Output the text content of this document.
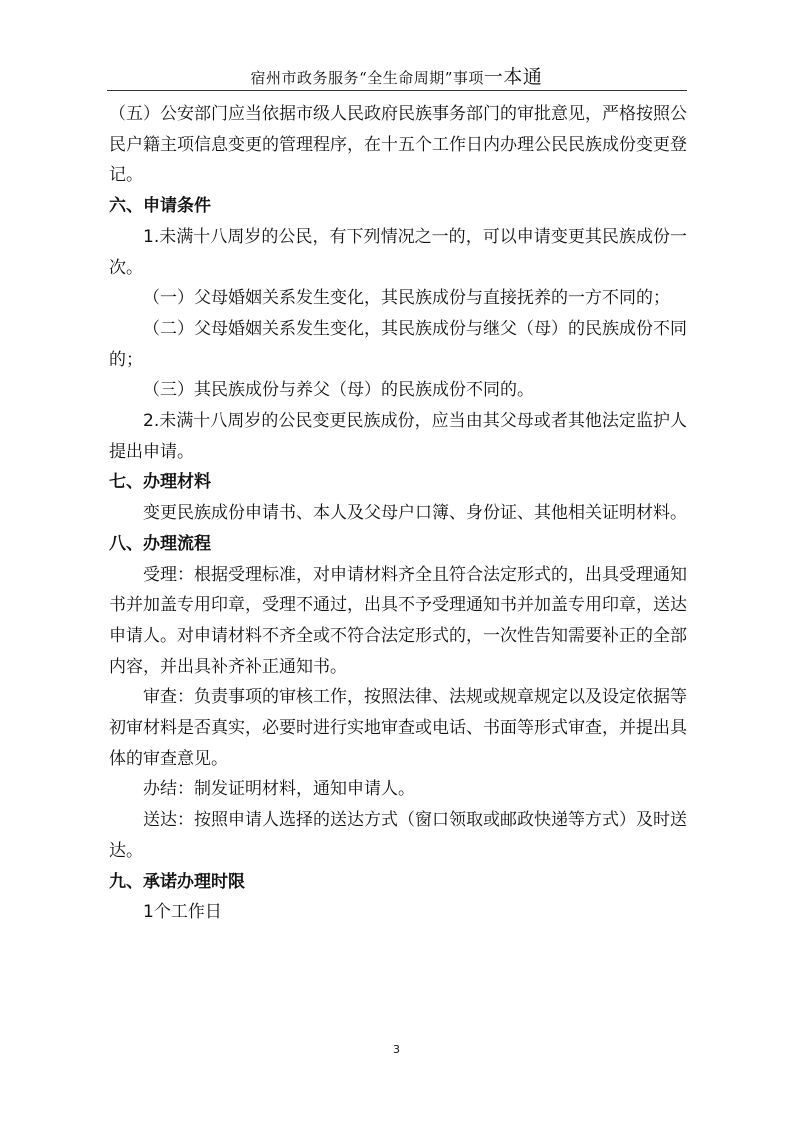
宿州市政务服务“全生命周期”事项一本通

（五）公安部门应当依据市级人民政府民族事务部门的审批意见，严格按照公民户籍主项信息变更的管理程序，在十五个工作日内办理公民民族成份变更登记。

六、申请条件

1.未满十八周岁的公民，有下列情况之一的，可以申请变更其民族成份一次。

（一）父母婚姻关系发生变化，其民族成份与直接抚养的一方不同的；

（二）父母婚姻关系发生变化，其民族成份与继父（母）的民族成份不同的；

（三）其民族成份与养父（母）的民族成份不同的。

2.未满十八周岁的公民变更民族成份，应当由其父母或者其他法定监护人提出申请。

七、办理材料

变更民族成份申请书、本人及父母户口簿、身份证、其他相关证明材料。

八、办理流程

受理：根据受理标准，对申请材料齐全且符合法定形式的，出具受理通知书并加盖专用印章，受理不通过，出具不予受理通知书并加盖专用印章，送达申请人。对申请材料不齐全或不符合法定形式的，一次性告知需要补正的全部内容，并出具补齐补正通知书。

审查：负责事项的审核工作，按照法律、法规或规章规定以及设定依据等初审材料是否真实，必要时进行实地审查或电话、书面等形式审查，并提出具体的审查意见。

办结：制发证明材料，通知申请人。

送达：按照申请人选择的送达方式（窗口领取或邮政快递等方式）及时送达。

九、承诺办理时限

1个工作日

3
